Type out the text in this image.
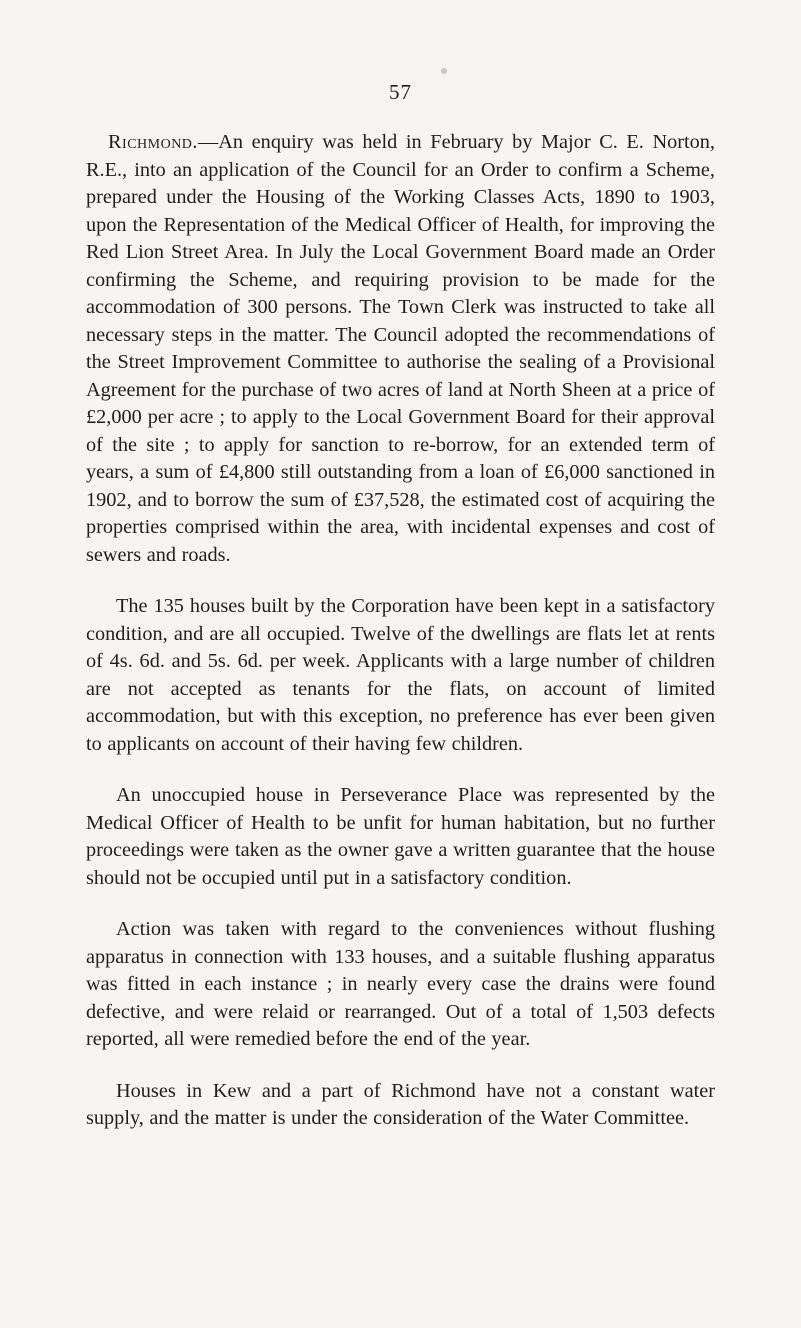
57

Richmond.—An enquiry was held in February by Major C. E. Norton, R.E., into an application of the Council for an Order to confirm a Scheme, prepared under the Housing of the Working Classes Acts, 1890 to 1903, upon the Representation of the Medical Officer of Health, for improving the Red Lion Street Area. In July the Local Government Board made an Order confirming the Scheme, and requiring provision to be made for the accommodation of 300 persons. The Town Clerk was instructed to take all necessary steps in the matter. The Council adopted the recommendations of the Street Improvement Committee to authorise the sealing of a Provisional Agreement for the purchase of two acres of land at North Sheen at a price of £2,000 per acre ; to apply to the Local Government Board for their approval of the site ; to apply for sanction to re-borrow, for an extended term of years, a sum of £4,800 still outstanding from a loan of £6,000 sanctioned in 1902, and to borrow the sum of £37,528, the estimated cost of acquiring the properties comprised within the area, with incidental expenses and cost of sewers and roads.

The 135 houses built by the Corporation have been kept in a satisfactory condition, and are all occupied. Twelve of the dwellings are flats let at rents of 4s. 6d. and 5s. 6d. per week. Applicants with a large number of children are not accepted as tenants for the flats, on account of limited accommodation, but with this exception, no preference has ever been given to applicants on account of their having few children.

An unoccupied house in Perseverance Place was represented by the Medical Officer of Health to be unfit for human habitation, but no further proceedings were taken as the owner gave a written guarantee that the house should not be occupied until put in a satisfactory condition.

Action was taken with regard to the conveniences without flushing apparatus in connection with 133 houses, and a suitable flushing apparatus was fitted in each instance ; in nearly every case the drains were found defective, and were relaid or rearranged. Out of a total of 1,503 defects reported, all were remedied before the end of the year.

Houses in Kew and a part of Richmond have not a constant water supply, and the matter is under the consideration of the Water Committee.
